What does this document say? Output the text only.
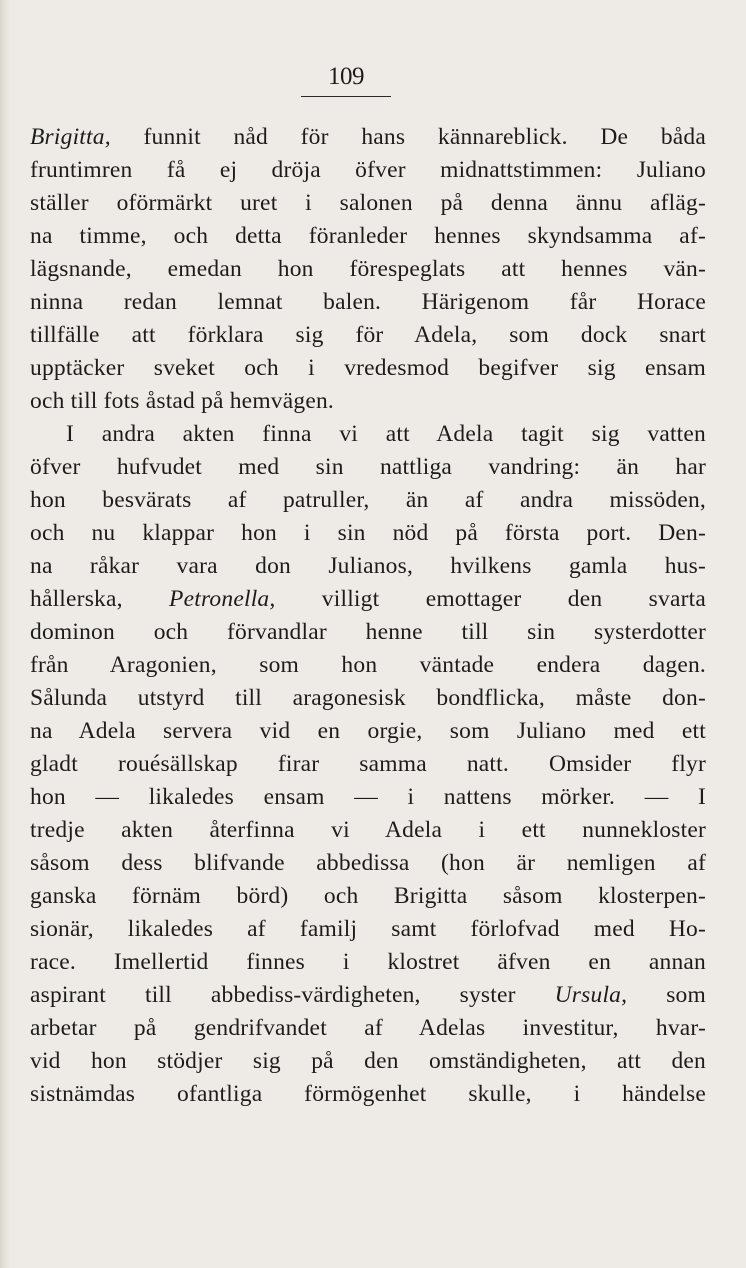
109
Brigitta, funnit nåd för hans kännareblick. De båda
fruntimren få ej dröja öfver midnattstimmen: Juliano
ställer oförmärkt uret i salonen på denna ännu afläg-
na timme, och detta föranleder hennes skyndsamma af-
lägsnande, emedan hon förespeglats att hennes vän-
ninna redan lemnat balen. Härigenom får Horace
tillfälle att förklara sig för Adela, som dock snart
upptäcker sveket och i vredesmod begifver sig ensam
och till fots åstad på hemvägen.
I andra akten finna vi att Adela tagit sig vatten
öfver hufvudet med sin nattliga vandring: än har
hon besvärats af patruller, än af andra missöden,
och nu klappar hon i sin nöd på första port. Den-
na råkar vara don Julianos, hvilkens gamla hus-
hållerska, Petronella, villigt emottager den svarta
dominon och förvandlar henne till sin systerdotter
från Aragonien, som hon väntade endera dagen.
Sålunda utstyrd till aragonesisk bondflicka, måste don-
na Adela servera vid en orgie, som Juliano med ett
gladt rouésällskap firar samma natt. Omsider flyr
hon — likaledes ensam — i nattens mörker. — I
tredje akten återfinna vi Adela i ett nunnekloster
såsom dess blifvande abbedissa (hon är nemligen af
ganska förnäm börd) och Brigitta såsom klosterpen-
sionär, likaledes af familj samt förlofvad med Ho-
race. Imellertid finnes i klostret äfven en annan
aspirant till abbediss-värdigheten, syster Ursula, som
arbetar på gendrifvandet af Adelas investitur, hvar-
vid hon stödjer sig på den omständigheten, att den
sistnämdas ofantliga förmögenhet skulle, i händelse
